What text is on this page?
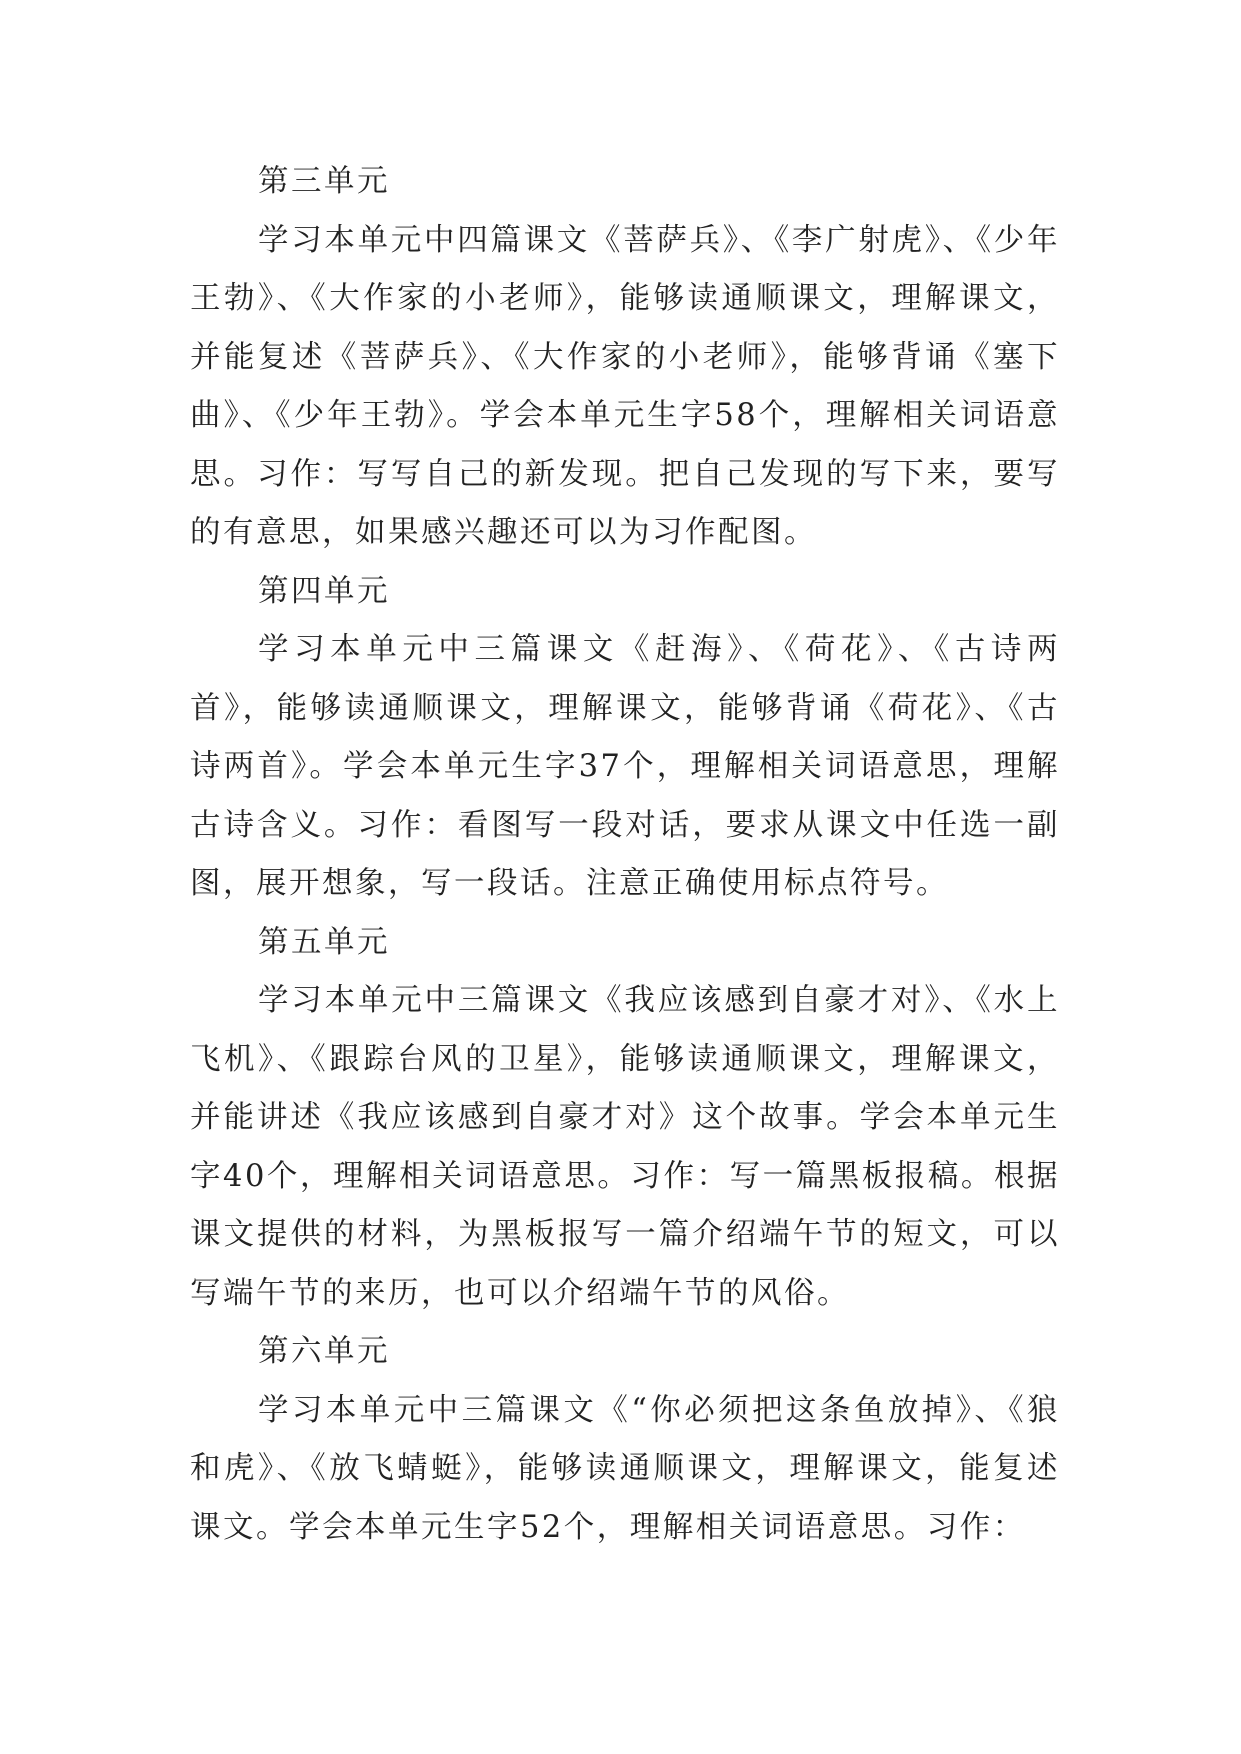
第三单元

学习本单元中四篇课文《菩萨兵》、《李广射虎》、《少年王勃》、《大作家的小老师》，能够读通顺课文，理解课文，并能复述《菩萨兵》、《大作家的小老师》，能够背诵《塞下曲》、《少年王勃》。学会本单元生字58个，理解相关词语意思。习作：写写自己的新发现。把自己发现的写下来，要写的有意思，如果感兴趣还可以为习作配图。

第四单元

学习本单元中三篇课文《赶海》、《荷花》、《古诗两首》，能够读通顺课文，理解课文，能够背诵《荷花》、《古诗两首》。学会本单元生字37个，理解相关词语意思，理解古诗含义。习作：看图写一段对话，要求从课文中任选一副图，展开想象，写一段话。注意正确使用标点符号。

第五单元

学习本单元中三篇课文《我应该感到自豪才对》、《水上飞机》、《跟踪台风的卫星》，能够读通顺课文，理解课文，并能讲述《我应该感到自豪才对》这个故事。学会本单元生字40个，理解相关词语意思。习作：写一篇黑板报稿。根据课文提供的材料，为黑板报写一篇介绍端午节的短文，可以写端午节的来历，也可以介绍端午节的风俗。

第六单元

学习本单元中三篇课文《“你必须把这条鱼放掉》、《狼和虎》、《放飞蜻蜓》，能够读通顺课文，理解课文，能复述课文。学会本单元生字52个，理解相关词语意思。习作：
